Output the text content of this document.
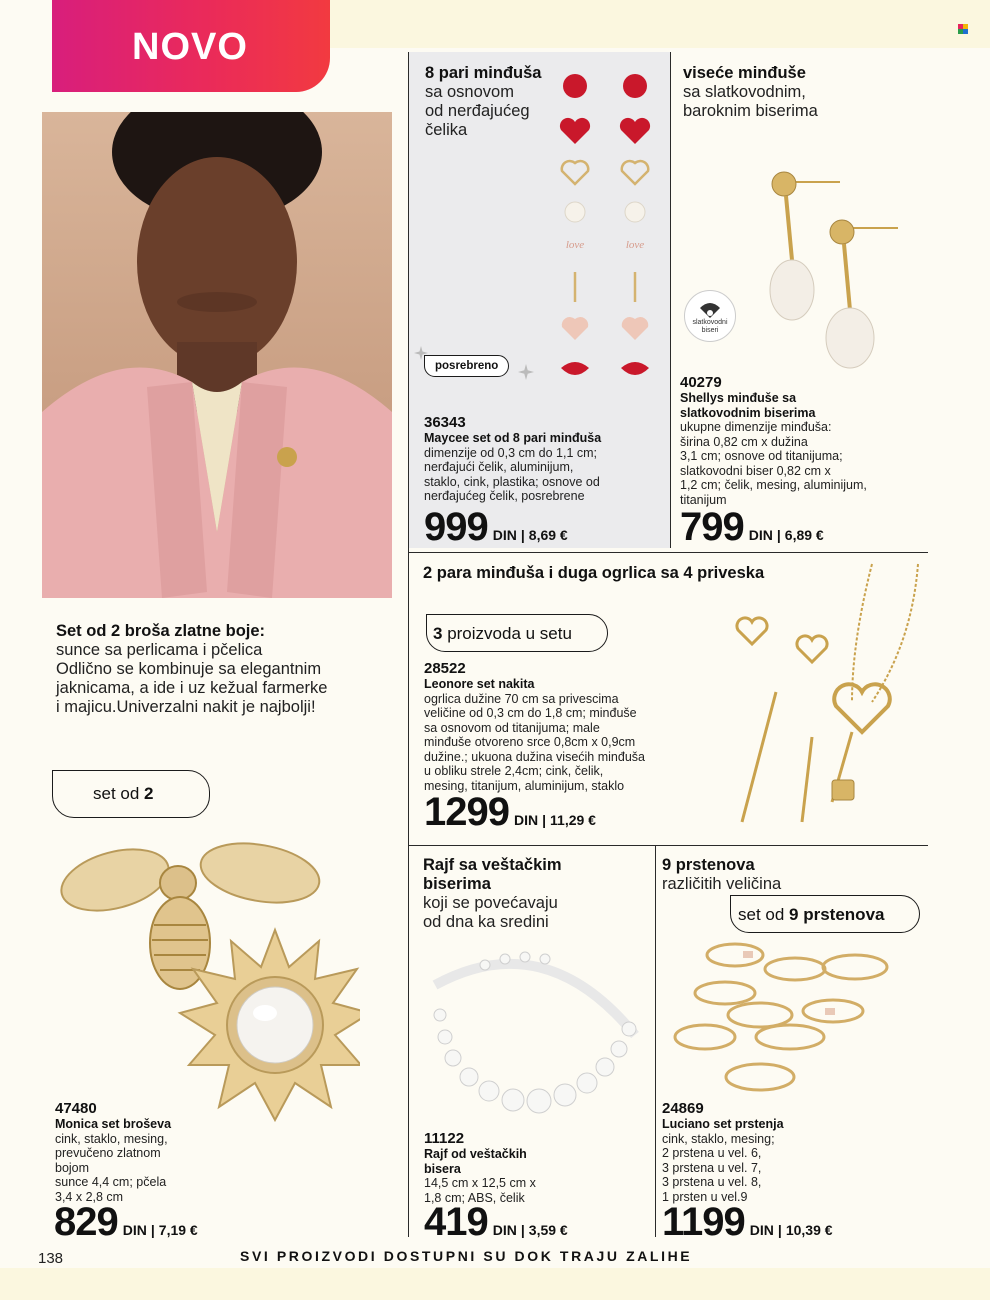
NOVO
Set od 2 broša zlatne boje:
sunce sa perlicama i pčelica
Odlično se kombinuje sa elegantnim
jaknicama, a ide i uz kežual farmerke
i majicu.Univerzalni nakit je najbolji!
set od 2
47480
Monica set broševa
cink, staklo, mesing,
prevučeno zlatnom
bojom
sunce 4,4 cm; pčela
3,4 x 2,8 cm
829 DIN | 7,19 €
8 pari minđuša
sa osnovom
od nerđajućeg
čelika
love	love
posrebreno
36343
Maycee set od 8 pari minđuša
dimenzije od 0,3 cm do 1,1 cm;
nerđajući čelik, aluminijum,
staklo, cink, plastika; osnove od
nerđajućeg čelik, posrebrene
999 DIN | 8,69 €
viseće minđuše
sa slatkovodnim,
baroknim biserima
slatkovodni
biseri
40279
Shellys minđuše sa
slatkovodnim biserima
ukupne dimenzije minđuša:
širina 0,82 cm x dužina
3,1 cm; osnove od titanijuma;
slatkovodni biser 0,82 cm x
1,2 cm; čelik, mesing, aluminijum,
titanijum
799 DIN | 6,89 €
2 para minđuša i duga ogrlica sa 4 priveska
3 proizvoda u setu
28522
Leonore set nakita
ogrlica dužine 70 cm sa privescima
veličine od 0,3 cm do 1,8 cm; minđuše
sa osnovom od titanijuma; male
minđuše otvoreno srce 0,8cm x 0,9cm
dužine.; ukuona dužina visećih minđuša
u obliku strele 2,4cm; cink, čelik,
mesing, titanijum, aluminijum, staklo
1299 DIN | 11,29 €
Rajf sa veštačkim
biserima
koji se povećavaju
od dna ka sredini
11122
Rajf od veštačkih
bisera
14,5 cm x 12,5 cm x
1,8 cm; ABS, čelik
419 DIN | 3,59 €
9 prstenova
različitih veličina
set od 9 prstenova
24869
Luciano set prstenja
cink, staklo, mesing;
2 prstena u vel. 6,
3 prstena u vel. 7,
3 prstena u vel. 8,
1 prsten u vel.9
1199 DIN | 10,39 €
138	SVI PROIZVODI DOSTUPNI SU DOK TRAJU ZALIHE
